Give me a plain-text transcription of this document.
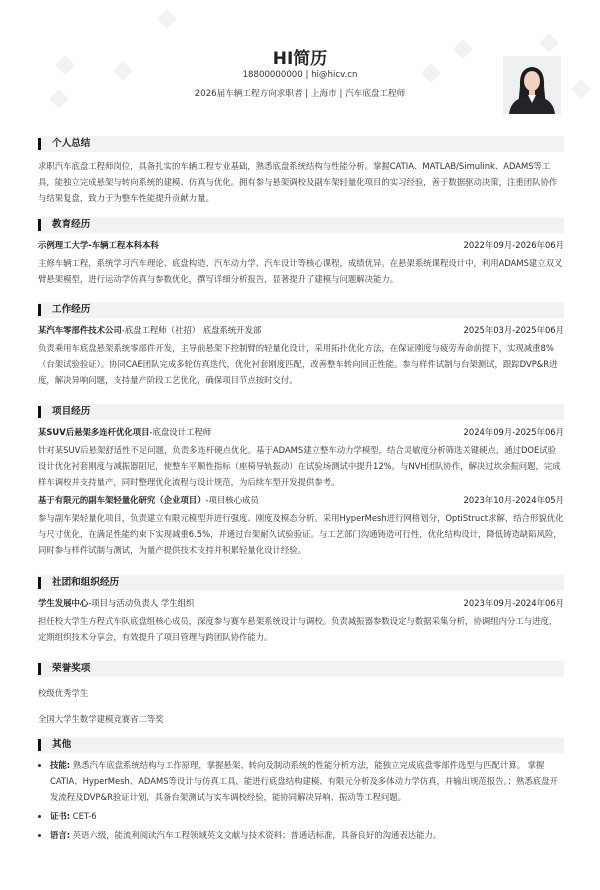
HI简历
18800000000 | hi@hicv.cn
2026届车辆工程方向求职者 | 上海市 | 汽车底盘工程师
个人总结
求职汽车底盘工程师岗位，具备扎实的车辆工程专业基础，熟悉底盘系统结构与性能分析。掌握CATIA、MATLAB/Simulink、ADAMS等工具，能独立完成悬架与转向系统的建模、仿真与优化。拥有参与悬架调校及副车架轻量化项目的实习经验，善于数据驱动决策，注重团队协作与结果复盘，致力于为整车性能提升贡献力量。
教育经历
示例理工大学-车辆工程本科本科	2022年09月-2026年06月
主修车辆工程，系统学习汽车理论、底盘构造、汽车动力学、汽车设计等核心课程，成绩优异。在悬架系统课程设计中，利用ADAMS建立双叉臂悬架模型，进行运动学仿真与参数优化，撰写详细分析报告，显著提升了建模与问题解决能力。
工作经历
某汽车零部件技术公司-底盘工程师（社招） 底盘系统开发部	2025年03月-2025年06月
负责乘用车底盘悬架系统零部件开发，主导前悬架下控制臂的轻量化设计，采用拓扑优化方法，在保证刚度与疲劳寿命前提下，实现减重8%（台架试验验证）。协同CAE团队完成多轮仿真迭代，优化衬套刚度匹配，改善整车转向回正性能。参与样件试制与台架测试，跟踪DVP&R进度，解决异响问题，支持量产阶段工艺优化，确保项目节点按时交付。
项目经历
某SUV后悬架多连杆优化项目-底盘设计工程师	2024年09月-2025年06月
针对某SUV后悬架舒适性不足问题，负责多连杆硬点优化。基于ADAMS建立整车动力学模型，结合灵敏度分析筛选关键硬点，通过DOE试验设计优化衬套刚度与减振器阻尼，使整车平顺性指标（座椅导轨振动）在试验场测试中提升12%。与NVH团队协作，解决过坎余振问题，完成样车调校并支持量产，同时整理优化流程与设计规范，为后续车型开发提供参考。
基于有限元的副车架轻量化研究（企业项目）-项目核心成员	2023年10月-2024年05月
参与副车架轻量化项目，负责建立有限元模型并进行强度、刚度及模态分析。采用HyperMesh进行网格划分，OptiStruct求解，结合形貌优化与尺寸优化，在满足性能约束下实现减重6.5%，并通过台架耐久试验验证。与工艺部门沟通铸造可行性，优化结构设计，降低铸造缺陷风险，同时参与样件试制与测试，为量产提供技术支持并积累轻量化设计经验。
社团和组织经历
学生发展中心-项目与活动负责人 学生组织	2023年09月-2024年06月
担任校大学生方程式车队底盘组核心成员，深度参与赛车悬架系统设计与调校。负责减振器参数设定与数据采集分析，协调组内分工与进度，定期组织技术分享会，有效提升了项目管理与跨团队协作能力。
荣誉奖项
校级优秀学生
全国大学生数学建模竞赛省二等奖
其他
• 技能: 熟悉汽车底盘系统结构与工作原理，掌握悬架、转向及制动系统的性能分析方法，能独立完成底盘零部件选型与匹配计算。 掌握CATIA、HyperMesh、ADAMS等设计与仿真工具，能进行底盘结构建模、有限元分析及多体动力学仿真，并输出规范报告。；熟悉底盘开发流程及DVP&R验证计划，具备台架测试与实车调校经验，能协同解决异响、振动等工程问题。
• 证书: CET-6
• 语言: 英语六级，能流利阅读汽车工程领域英文文献与技术资料；普通话标准，具备良好的沟通表达能力。
